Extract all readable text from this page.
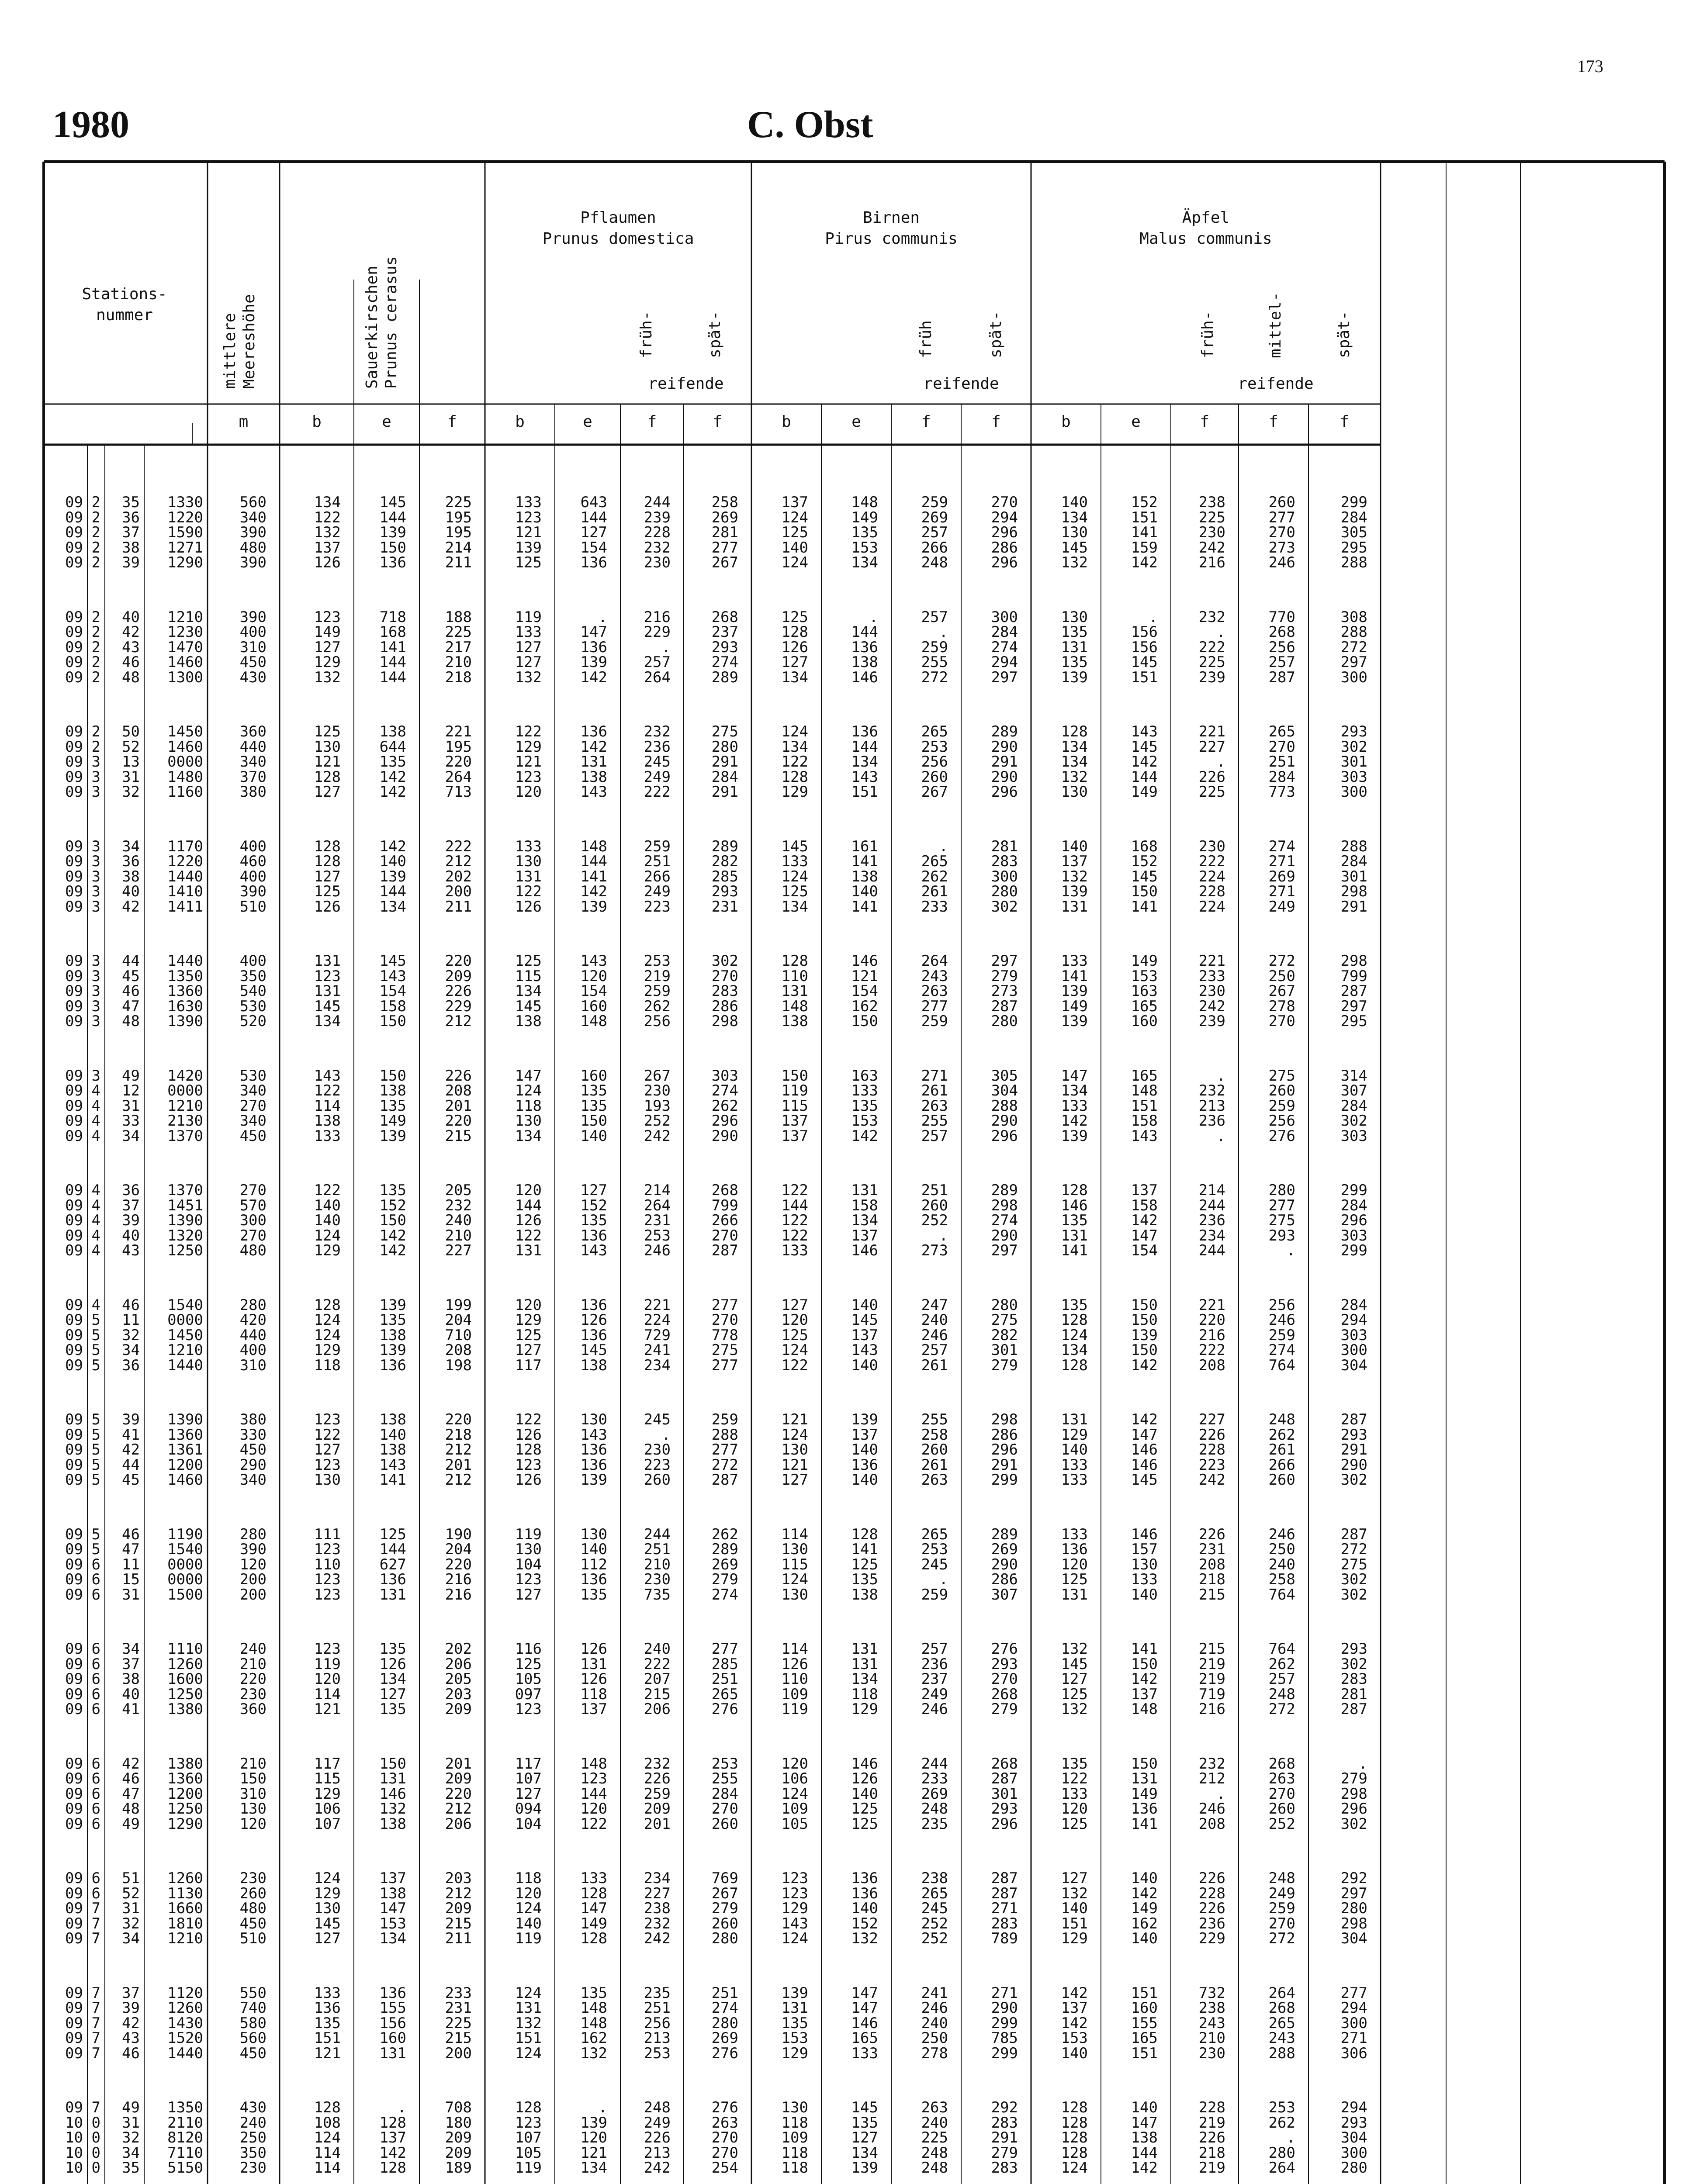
173
1980	C. Obst
Stations-
nummer	mittlere
Meereshöhe	Sauerkirschen
Prunus cerasus
Pflaumen
Prunus domestica
früh-	spät-
reifende
Birnen
Pirus communis
früh	spät-
reifende
Äpfel
Malus communis
früh-	mittel-	spät-
reifende
m	b	e	f	b	e	f	f	b	e	f	f	b	e	f	f	f
09 2	35	1330	560	134	145	225	133	643	244	258	137	148	259	270	140	152	238	260	299
09 2	36	1220	340	122	144	195	123	144	239	269	124	149	269	294	134	151	225	277	284
09 2	37	1590	390	132	139	195	121	127	228	281	125	135	257	296	130	141	230	270	305
09 2	38	1271	480	137	150	214	139	154	232	277	140	153	266	286	145	159	242	273	295
09 2	39	1290	390	126	136	211	125	136	230	267	124	134	248	296	132	142	216	246	288
09 2	40	1210	390	123	718	188	119	.	216	268	125	.	257	300	130	.	232	770	308
09 2	42	1230	400	149	168	225	133	147	229	237	128	144	.	284	135	156	.	268	288
09 2	43	1470	310	127	141	217	127	136	.	293	126	136	259	274	131	156	222	256	272
09 2	46	1460	450	129	144	210	127	139	257	274	127	138	255	294	135	145	225	257	297
09 2	48	1300	430	132	144	218	132	142	264	289	134	146	272	297	139	151	239	287	300
09 2	50	1450	360	125	138	221	122	136	232	275	124	136	265	289	128	143	221	265	293
09 2	52	1460	440	130	644	195	129	142	236	280	134	144	253	290	134	145	227	270	302
09 3	13	0000	340	121	135	220	121	131	245	291	122	134	256	291	134	142	.	251	301
09 3	31	1480	370	128	142	264	123	138	249	284	128	143	260	290	132	144	226	284	303
09 3	32	1160	380	127	142	713	120	143	222	291	129	151	267	296	130	149	225	773	300
09 3	34	1170	400	128	142	222	133	148	259	289	145	161	.	281	140	168	230	274	288
09 3	36	1220	460	128	140	212	130	144	251	282	133	141	265	283	137	152	222	271	284
09 3	38	1440	400	127	139	202	131	141	266	285	124	138	262	300	132	145	224	269	301
09 3	40	1410	390	125	144	200	122	142	249	293	125	140	261	280	139	150	228	271	298
09 3	42	1411	510	126	134	211	126	139	223	231	134	141	233	302	131	141	224	249	291
09 3	44	1440	400	131	145	220	125	143	253	302	128	146	264	297	133	149	221	272	298
09 3	45	1350	350	123	143	209	115	120	219	270	110	121	243	279	141	153	233	250	799
09 3	46	1360	540	131	154	226	134	154	259	283	131	154	263	273	139	163	230	267	287
09 3	47	1630	530	145	158	229	145	160	262	286	148	162	277	287	149	165	242	278	297
09 3	48	1390	520	134	150	212	138	148	256	298	138	150	259	280	139	160	239	270	295
09 3	49	1420	530	143	150	226	147	160	267	303	150	163	271	305	147	165	.	275	314
09 4	12	0000	340	122	138	208	124	135	230	274	119	133	261	304	134	148	232	260	307
09 4	31	1210	270	114	135	201	118	135	193	262	115	135	263	288	133	151	213	259	284
09 4	33	2130	340	138	149	220	130	150	252	296	137	153	255	290	142	158	236	256	302
09 4	34	1370	450	133	139	215	134	140	242	290	137	142	257	296	139	143	.	276	303
09 4	36	1370	270	122	135	205	120	127	214	268	122	131	251	289	128	137	214	280	299
09 4	37	1451	570	140	152	232	144	152	264	799	144	158	260	298	146	158	244	277	284
09 4	39	1390	300	140	150	240	126	135	231	266	122	134	252	274	135	142	236	275	296
09 4	40	1320	270	124	142	210	122	136	253	270	122	137	.	290	131	147	234	293	303
09 4	43	1250	480	129	142	227	131	143	246	287	133	146	273	297	141	154	244	.	299
09 4	46	1540	280	128	139	199	120	136	221	277	127	140	247	280	135	150	221	256	284
09 5	11	0000	420	124	135	204	129	126	224	270	120	145	240	275	128	150	220	246	294
09 5	32	1450	440	124	138	710	125	136	729	778	125	137	246	282	124	139	216	259	303
09 5	34	1210	400	129	139	208	127	145	241	275	124	143	257	301	134	150	222	274	300
09 5	36	1440	310	118	136	198	117	138	234	277	122	140	261	279	128	142	208	764	304
09 5	39	1390	380	123	138	220	122	130	245	259	121	139	255	298	131	142	227	248	287
09 5	41	1360	330	122	140	218	126	143	.	288	124	137	258	286	129	147	226	262	293
09 5	42	1361	450	127	138	212	128	136	230	277	130	140	260	296	140	146	228	261	291
09 5	44	1200	290	123	143	201	123	136	223	272	121	136	261	291	133	146	223	266	290
09 5	45	1460	340	130	141	212	126	139	260	287	127	140	263	299	133	145	242	260	302
09 5	46	1190	280	111	125	190	119	130	244	262	114	128	265	289	133	146	226	246	287
09 5	47	1540	390	123	144	204	130	140	251	289	130	141	253	269	136	157	231	250	272
09 6	11	0000	120	110	627	220	104	112	210	269	115	125	245	290	120	130	208	240	275
09 6	15	0000	200	123	136	216	123	136	230	279	124	135	.	286	125	133	218	258	302
09 6	31	1500	200	123	131	216	127	135	735	274	130	138	259	307	131	140	215	764	302
09 6	34	1110	240	123	135	202	116	126	240	277	114	131	257	276	132	141	215	764	293
09 6	37	1260	210	119	126	206	125	131	222	285	126	131	236	293	145	150	219	262	302
09 6	38	1600	220	120	134	205	105	126	207	251	110	134	237	270	127	142	219	257	283
09 6	40	1250	230	114	127	203	097	118	215	265	109	118	249	268	125	137	719	248	281
09 6	41	1380	360	121	135	209	123	137	206	276	119	129	246	279	132	148	216	272	287
09 6	42	1380	210	117	150	201	117	148	232	253	120	146	244	268	135	150	232	268	.
09 6	46	1360	150	115	131	209	107	123	226	255	106	126	233	287	122	131	212	263	279
09 6	47	1200	310	129	146	220	127	144	259	284	124	140	269	301	133	149	.	270	298
09 6	48	1250	130	106	132	212	094	120	209	270	109	125	248	293	120	136	246	260	296
09 6	49	1290	120	107	138	206	104	122	201	260	105	125	235	296	125	141	208	252	302
09 6	51	1260	230	124	137	203	118	133	234	769	123	136	238	287	127	140	226	248	292
09 6	52	1130	260	129	138	212	120	128	227	267	123	136	265	287	132	142	228	249	297
09 7	31	1660	480	130	147	209	124	147	238	279	129	140	245	271	140	149	226	259	280
09 7	32	1810	450	145	153	215	140	149	232	260	143	152	252	283	151	162	236	270	298
09 7	34	1210	510	127	134	211	119	128	242	280	124	132	252	789	129	140	229	272	304
09 7	37	1120	550	133	136	233	124	135	235	251	139	147	241	271	142	151	732	264	277
09 7	39	1260	740	136	155	231	131	148	251	274	131	147	246	290	137	160	238	268	294
09 7	42	1430	580	135	156	225	132	148	256	280	135	146	240	299	142	155	243	265	300
09 7	43	1520	560	151	160	215	151	162	213	269	153	165	250	785	153	165	210	243	271
09 7	46	1440	450	121	131	200	124	132	253	276	129	133	278	299	140	151	230	288	306
09 7	49	1350	430	128	.	708	128	.	248	276	130	145	263	292	128	140	228	253	294
10 0	31	2110	240	108	128	180	123	139	249	263	118	135	240	283	128	147	219	262	293
10 0	32	8120	250	124	137	209	107	120	226	270	109	127	225	291	128	138	226	.	304
10 0	34	7110	350	114	142	209	105	121	213	270	118	134	248	279	128	144	218	280	300
10 0	35	5150	230	114	128	189	119	134	242	254	118	139	248	283	124	142	219	264	280
